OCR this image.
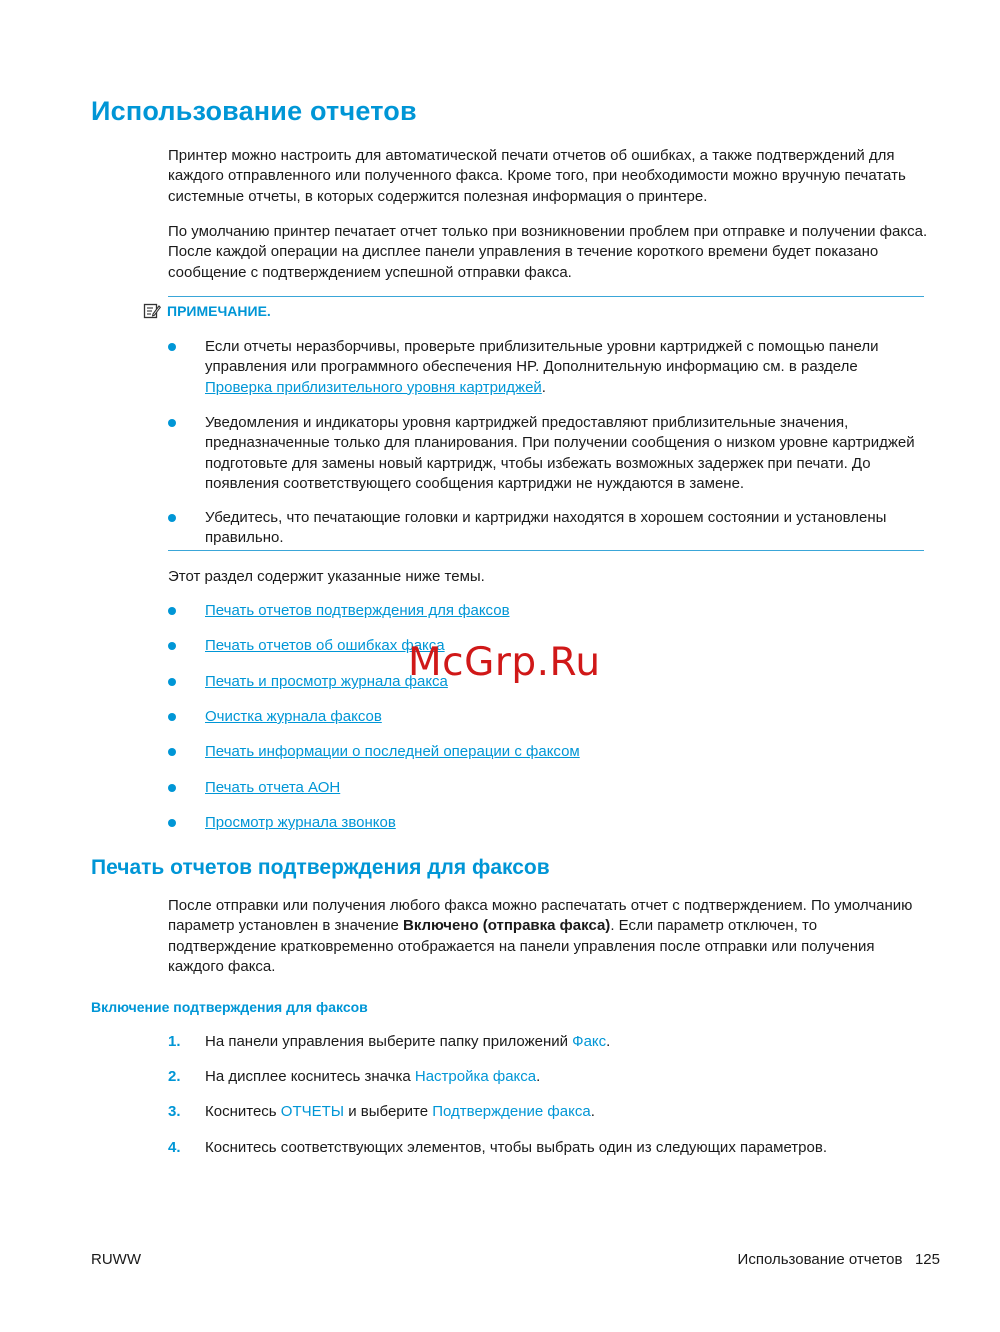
Использование отчетов

Принтер можно настроить для автоматической печати отчетов об ошибках, а также подтверждений для каждого отправленного или полученного факса. Кроме того, при необходимости можно вручную печатать системные отчеты, в которых содержится полезная информация о принтере.

По умолчанию принтер печатает отчет только при возникновении проблем при отправке и получении факса. После каждой операции на дисплее панели управления в течение короткого времени будет показано сообщение с подтверждением успешной отправки факса.

ПРИМЕЧАНИЕ.

Если отчеты неразборчивы, проверьте приблизительные уровни картриджей с помощью панели управления или программного обеспечения HP. Дополнительную информацию см. в разделе Проверка приблизительного уровня картриджей.

Уведомления и индикаторы уровня картриджей предоставляют приблизительные значения, предназначенные только для планирования. При получении сообщения о низком уровне картриджей подготовьте для замены новый картридж, чтобы избежать возможных задержек при печати. До появления соответствующего сообщения картриджи не нуждаются в замене.

Убедитесь, что печатающие головки и картриджи находятся в хорошем состоянии и установлены правильно.

Этот раздел содержит указанные ниже темы.

Печать отчетов подтверждения для факсов
Печать отчетов об ошибках факса
Печать и просмотр журнала факса
Очистка журнала факсов
Печать информации о последней операции с факсом
Печать отчета АОН
Просмотр журнала звонков
McGrp.Ru
Печать отчетов подтверждения для факсов

После отправки или получения любого факса можно распечатать отчет с подтверждением. По умолчанию параметр установлен в значение Включено (отправка факса). Если параметр отключен, то подтверждение кратковременно отображается на панели управления после отправки или получения каждого факса.

Включение подтверждения для факсов
1. На панели управления выберите папку приложений Факс.
2. На дисплее коснитесь значка Настройка факса.
3. Коснитесь ОТЧЕТЫ и выберите Подтверждение факса.
4. Коснитесь соответствующих элементов, чтобы выбрать один из следующих параметров.
RUWW	Использование отчетов 125
